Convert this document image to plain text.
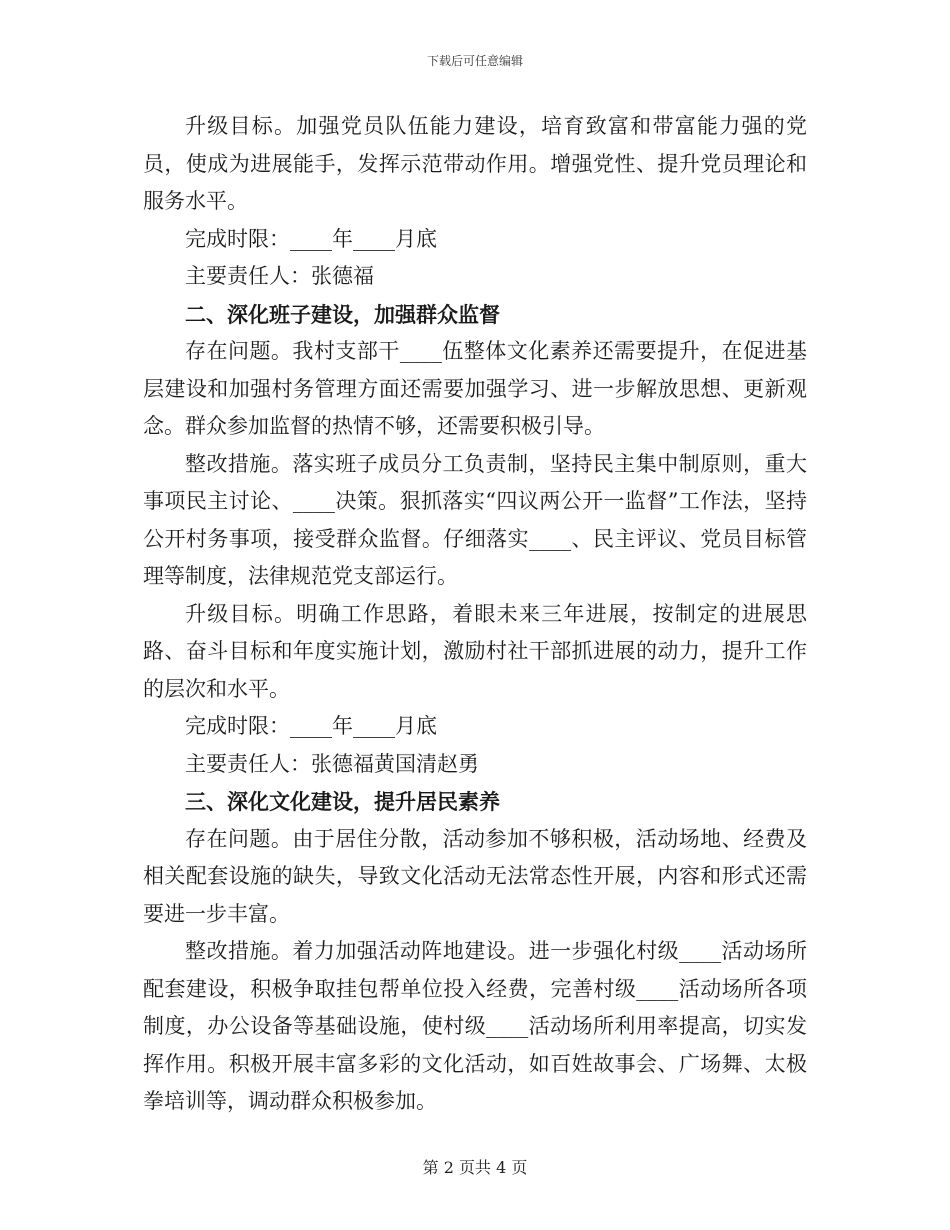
下载后可任意编辑

升级目标。加强党员队伍能力建设，培育致富和带富能力强的党员，使成为进展能手，发挥示范带动作用。增强党性、提升党员理论和服务水平。

完成时限：____年____月底

主要责任人：张德福

二、深化班子建设，加强群众监督

存在问题。我村支部干____伍整体文化素养还需要提升，在促进基层建设和加强村务管理方面还需要加强学习、进一步解放思想、更新观念。群众参加监督的热情不够，还需要积极引导。

整改措施。落实班子成员分工负责制，坚持民主集中制原则，重大事项民主讨论、____决策。狠抓落实“四议两公开一监督”工作法，坚持公开村务事项，接受群众监督。仔细落实____、民主评议、党员目标管理等制度，法律规范党支部运行。

升级目标。明确工作思路，着眼未来三年进展，按制定的进展思路、奋斗目标和年度实施计划，激励村社干部抓进展的动力，提升工作的层次和水平。

完成时限：____年____月底

主要责任人：张德福黄国清赵勇

三、深化文化建设，提升居民素养

存在问题。由于居住分散，活动参加不够积极，活动场地、经费及相关配套设施的缺失，导致文化活动无法常态性开展，内容和形式还需要进一步丰富。

整改措施。着力加强活动阵地建设。进一步强化村级____活动场所配套建设，积极争取挂包帮单位投入经费，完善村级____活动场所各项制度，办公设备等基础设施，使村级____活动场所利用率提高，切实发挥作用。积极开展丰富多彩的文化活动，如百姓故事会、广场舞、太极拳培训等，调动群众积极参加。

第 2 页共 4 页
